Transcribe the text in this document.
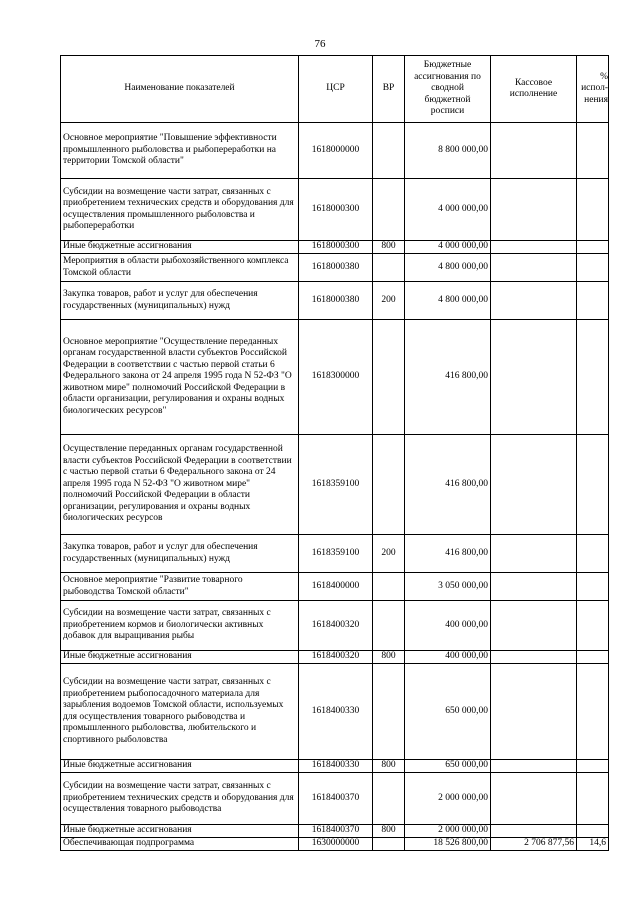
76
Наименование показателей	ЦСР	ВР	Бюджетные ассигнования по сводной бюджетной росписи	Кассовое исполнение	% испол-нения
Основное мероприятие "Повышение эффективности промышленного рыболовства и рыбопереработки на территории Томской области"	1618000000		8 800 000,00		
Субсидии на возмещение части затрат, связанных с приобретением технических средств и оборудования для осуществления промышленного рыболовства и рыбопереработки	1618000300		4 000 000,00		
Иные бюджетные ассигнования	1618000300	800	4 000 000,00		
Мероприятия в области рыбохозяйственного комплекса Томской области	1618000380		4 800 000,00		
Закупка товаров, работ и услуг для обеспечения государственных (муниципальных) нужд	1618000380	200	4 800 000,00		
Основное мероприятие "Осуществление переданных органам государственной власти субъектов Российской Федерации в соответствии с частью первой статьи 6 Федерального закона от 24 апреля 1995 года N 52-ФЗ "О животном мире" полномочий Российской Федерации в области организации, регулирования и охраны водных биологических ресурсов"	1618300000		416 800,00		

Осуществление переданных органам государственной власти субъектов Российской Федерации в соответствии с частью первой статьи 6 Федерального закона от 24 апреля 1995 года N 52-ФЗ "О животном мире" полномочий Российской Федерации в области организации, регулирования и охраны водных биологических ресурсов	1618359100		416 800,00		
Закупка товаров, работ и услуг для обеспечения государственных (муниципальных) нужд	1618359100	200	416 800,00		
Основное мероприятие "Развитие товарного рыбоводства Томской области"	1618400000		3 050 000,00		
Субсидии на возмещение части затрат, связанных с приобретением кормов и биологически активных добавок для выращивания рыбы	1618400320		400 000,00		
Иные бюджетные ассигнования	1618400320	800	400 000,00		
Субсидии на возмещение части затрат, связанных с приобретением рыбопосадочного материала для зарыбления водоемов Томской области, используемых для осуществления товарного рыбоводства и промышленного рыболовства, любительского и спортивного рыболовства	1618400330		650 000,00		
Иные бюджетные ассигнования	1618400330	800	650 000,00		
Субсидии на возмещение части затрат, связанных с приобретением технических средств и оборудования для осуществления товарного рыбоводства	1618400370		2 000 000,00		
Иные бюджетные ассигнования	1618400370	800	2 000 000,00		
Обеспечивающая подпрограмма	1630000000		18 526 800,00	2 706 877,56	14,6
